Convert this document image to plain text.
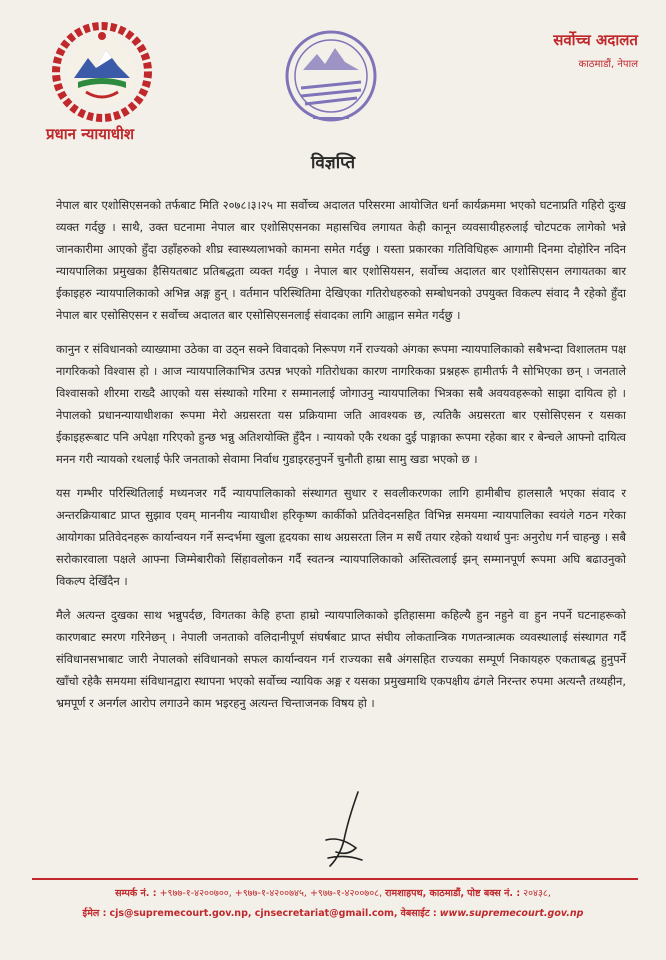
प्रधान न्यायाधीश
सर्वोच्च अदालत
काठमाडौं, नेपाल
विज्ञप्ति

नेपाल बार एशोसिएसनको तर्फबाट मिति २०७८।३।२५ मा सर्वोच्च अदालत परिसरमा आयोजित धर्ना कार्यक्रममा भएको घटनाप्रति गहिरो दुःख व्यक्त गर्दछु । साथै, उक्त घटनामा नेपाल बार एशोसिएसनका महासचिव लगायत केही कानून व्यवसायीहरुलाई चोटपटक लागेको भन्ने जानकारीमा आएको हुँदा उहाँहरुको शीघ्र स्वास्थ्यलाभको कामना समेत गर्दछु । यस्ता प्रकारका गतिविधिहरू आगामी दिनमा दोहोरिन नदिन न्यायपालिका प्रमुखका हैसियतबाट प्रतिबद्धता व्यक्त गर्दछु । नेपाल बार एशोसियसन, सर्वोच्च अदालत बार एशोसिएसन लगायतका बार ईकाइहरु न्यायपालिकाको अभिन्न अङ्ग हुन् । वर्तमान परिस्थितिमा देखिएका गतिरोधहरुको सम्बोधनको उपयुक्त विकल्प संवाद नै रहेको हुँदा नेपाल बार एसोसिएसन र सर्वोच्च अदालत बार एसोसिएसनलाई संवादका लागि आह्वान समेत गर्दछु ।

कानुन र संविधानको व्याख्यामा उठेका वा उठ्न सक्ने विवादको निरूपण गर्ने राज्यको अंगका रूपमा न्यायपालिकाको सबैभन्दा विशालतम पक्ष नागरिकको विश्वास हो । आज न्यायपालिकाभित्र उत्पन्न भएको गतिरोधका कारण नागरिकका प्रश्नहरू हामीतर्फ नै सोभिएका छन् । जनताले विश्वासको शीरमा राख्दै आएको यस संस्थाको गरिमा र सम्मानलाई जोगाउनु न्यायपालिका भित्रका सबै अवयवहरूको साझा दायित्व हो । नेपालको प्रधानन्यायाधीशका रूपमा मेरो अग्रसरता यस प्रक्रियामा जति आवश्यक छ, त्यतिकै अग्रसरता बार एसोसिएसन र यसका ईकाइहरूबाट पनि अपेक्षा गरिएको हुन्छ भन्नु अतिशयोक्ति हुँदैन । न्यायको एकै रथका दुई पाङ्गाका रूपमा रहेका बार र बेन्चले आफ्नो दायित्व मनन गरी न्यायको रथलाई फेरि जनताको सेवामा निर्वाध गुडाइरहनुपर्ने चुनौती हाम्रा सामु खडा भएको छ ।

यस गम्भीर परिस्थितिलाई मध्यनजर गर्दै न्यायपालिकाको संस्थागत सुधार र सवलीकरणका लागि हामीबीच हालसालै भएका संवाद र अन्तरक्रियाबाट प्राप्त सुझाव एवम् माननीय न्यायाधीश हरिकृष्ण कार्कीको प्रतिवेदनसहित विभिन्न समयमा न्यायपालिका स्वयंले गठन गरेका आयोगका प्रतिवेदनहरू कार्यान्वयन गर्ने सन्दर्भमा खुला हृदयका साथ अग्रसरता लिन म सधैं तयार रहेको यथार्थ पुनः अनुरोध गर्न चाहन्छु । सबै सरोकारवाला पक्षले आफ्ना जिम्मेबारीको सिंहावलोकन गर्दै स्वतन्त्र न्यायपालिकाको अस्तित्वलाई झन् सम्मानपूर्ण रूपमा अघि बढाउनुको विकल्प देखिँदैन ।

मैले अत्यन्त दुखका साथ भन्नुपर्दछ, विगतका केहि हप्ता हाम्रो न्यायपालिकाको इतिहासमा कहिल्यै हुन नहुने वा हुन नपर्ने घटनाहरूको कारणबाट स्मरण गरिनेछन् । नेपाली जनताको वलिदानीपूर्ण संघर्षबाट प्राप्त संघीय लोकतान्त्रिक गणतन्त्रात्मक व्यवस्थालाई संस्थागत गर्दै संविधानसभाबाट जारी नेपालको संविधानको सफल कार्यान्वयन गर्न राज्यका सबै अंगसहित राज्यका सम्पूर्ण निकायहरु एकताबद्ध हुनुपर्ने खाँचो रहेकै समयमा संविधानद्वारा स्थापना भएको सर्वोच्च न्यायिक अङ्ग र यसका प्रमुखमाथि एकपक्षीय ढंगले निरन्तर रुपमा अत्यन्तै तथ्यहीन, भ्रमपूर्ण र अनर्गल आरोप लगाउने काम भइरहनु अत्यन्त चिन्ताजनक विषय हो ।

सम्पर्क नं. : +९७७-१-४२००७००, +९७७-१-४२००७४५, +९७७-१-४२००७०८, रामशाहपथ, काठमाडौं, पोष्ट बक्स नं. : २०४३८,
ईमेल : cjs@supremecourt.gov.np, cjnsecretariat@gmail.com, वेबसाईट : www.supremecourt.gov.np
